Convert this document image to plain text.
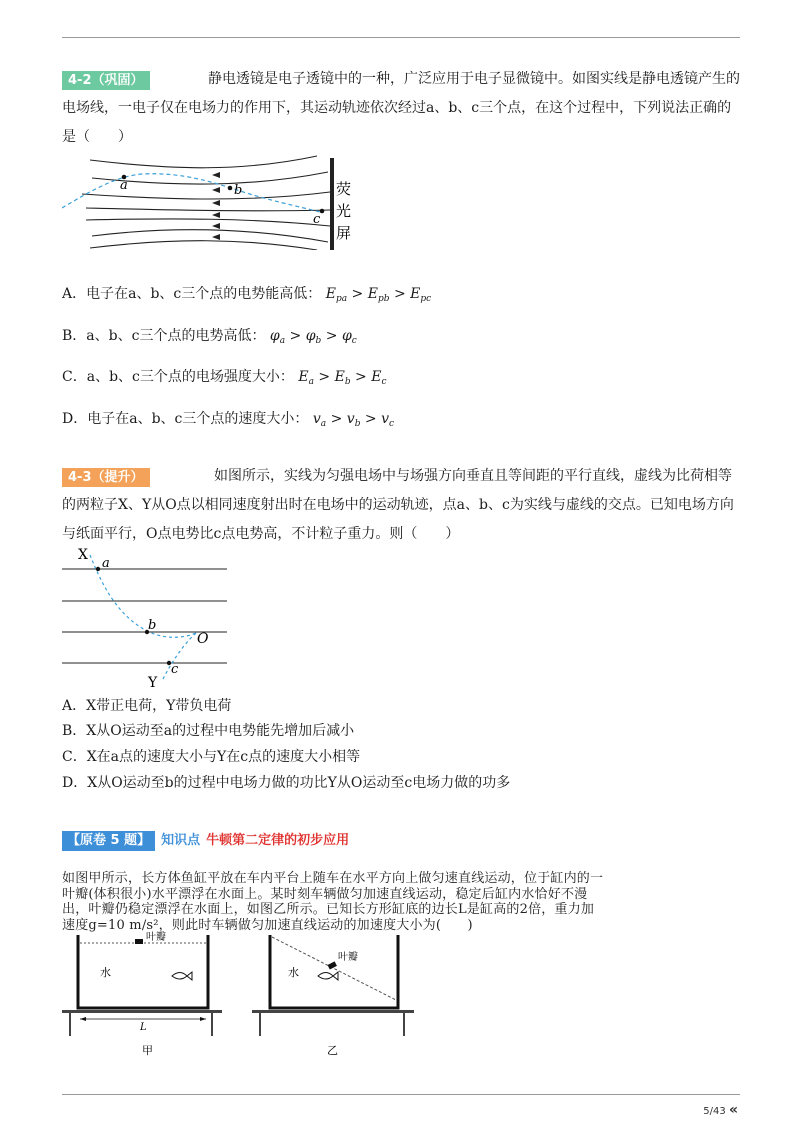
4-2（巩固）	静电透镜是电子透镜中的一种，广泛应用于电子显微镜中。如图实线是静电透镜产生的电场线，一电子仅在电场力的作用下，其运动轨迹依次经过a、b、c三个点，在这个过程中，下列说法正确的是（　　）
a	b
c
荧
光
屏
A．电子在a、b、c三个点的电势能高低： $E_{pa} > E_{pb} > E_{pc}$
B．a、b、c三个点的电势高低： $\varphi_a > \varphi_b > \varphi_c$
C．a、b、c三个点的电场强度大小： $E_a > E_b > E_c$
D．电子在a、b、c三个点的速度大小： $v_a > v_b > v_c$
4-3（提升）	如图所示，实线为匀强电场中与场强方向垂直且等间距的平行直线，虚线为比荷相等的两粒子X、Y从O点以相同速度射出时在电场中的运动轨迹，点a、b、c为实线与虚线的交点。已知电场方向与纸面平行，O点电势比c点电势高，不计粒子重力。则（　　）
X
a
b
O
c
Y
A．X带正电荷，Y带负电荷
B．X从O运动至a的过程中电势能先增加后减小
C．X在a点的速度大小与Y在c点的速度大小相等
D．X从O运动至b的过程中电场力做的功比Y从O运动至c电场力做的功多
【原卷 5 题】 知识点 牛顿第二定律的初步应用
如图甲所示，长方体鱼缸平放在车内平台上随车在水平方向上做匀速直线运动，位于缸内的一
叶瓣(体积很小)水平漂浮在水面上。某时刻车辆做匀加速直线运动，稳定后缸内水恰好不漫
出，叶瓣仍稳定漂浮在水面上，如图乙所示。已知长方形缸底的边长L是缸高的2倍，重力加
速度g=10 m/s²，则此时车辆做匀加速直线运动的加速度大小为(　　)
叶瓣
水
L
甲
叶瓣
水
乙
5/43 «
